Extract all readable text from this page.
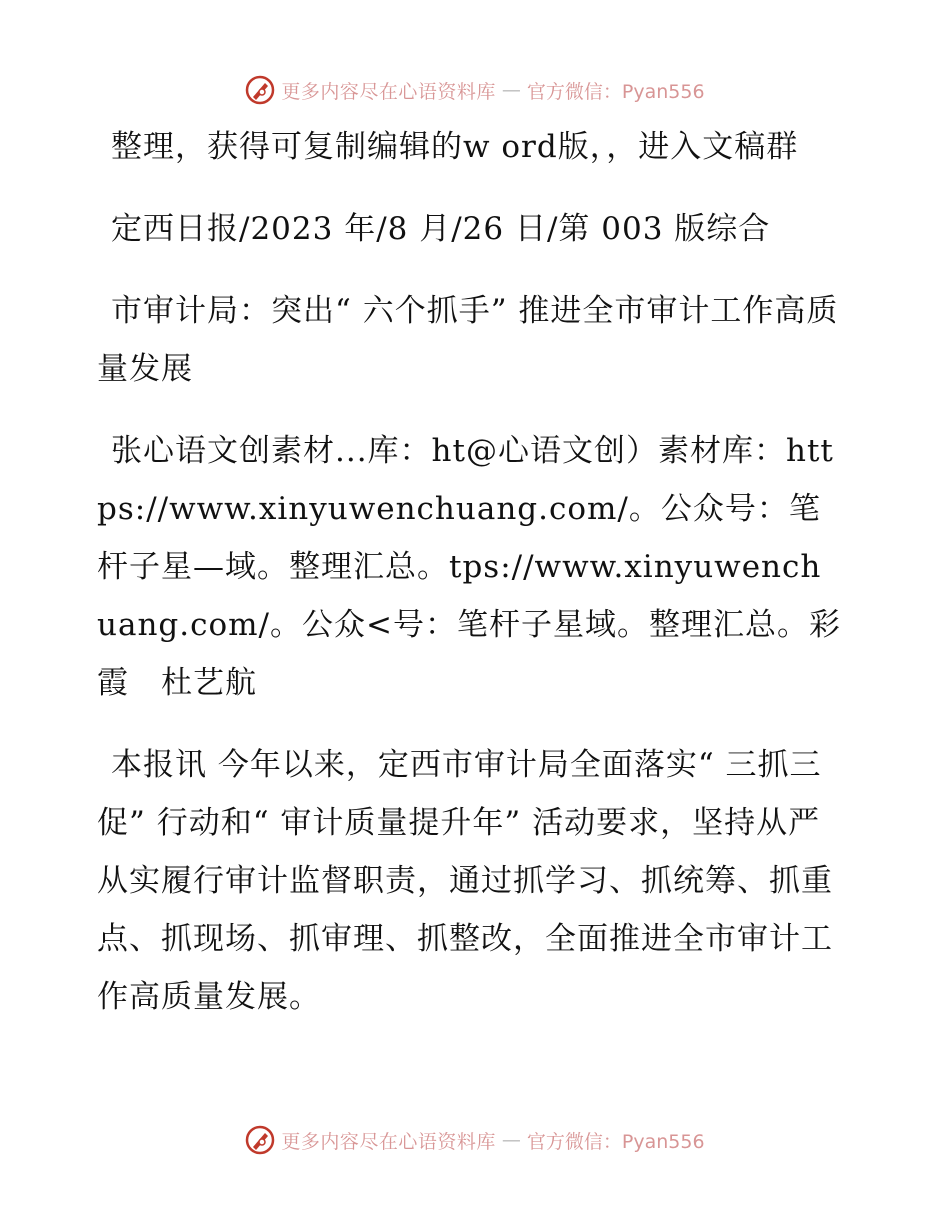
更多内容尽在心语资料库 — 官方微信：Pyan556

整理，获得可复制编辑的w ord版，，进入文稿群

定西日报/2023 年/8 月/26 日/第 003 版综合

市审计局：突出“ 六个抓手” 推进全市审计工作高质量发展

张心语文创素材...库：ht@心语文创）素材库：https://www.xinyuwenchuang.com/。公众号：笔杆子星—域。整理汇总。tps://www.xinyuwenchuang.com/。公众<号：笔杆子星域。整理汇总。彩霞　杜艺航

本报讯 今年以来，定西市审计局全面落实“ 三抓三促” 行动和“ 审计质量提升年” 活动要求，坚持从严从实履行审计监督职责，通过抓学习、抓统筹、抓重点、抓现场、抓审理、抓整改，全面推进全市审计工作高质量发展。

更多内容尽在心语资料库 — 官方微信：Pyan556
